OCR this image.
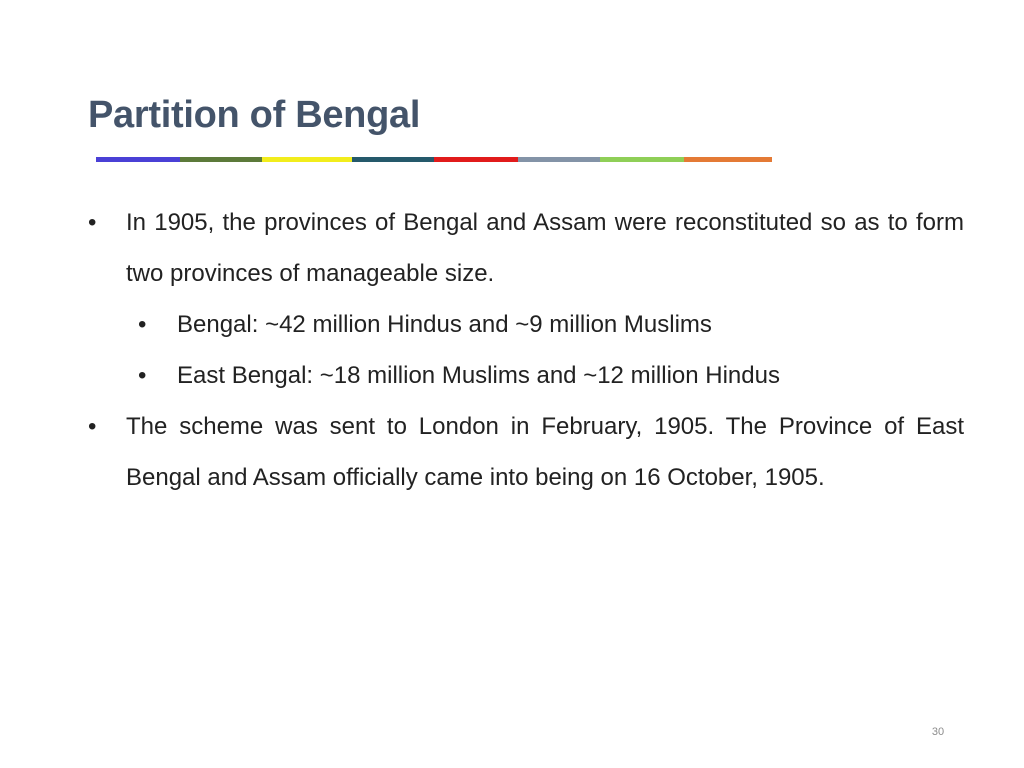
Partition of Bengal
•	In 1905, the provinces of Bengal and Assam were reconstituted so as to form two provinces of manageable size.
•	Bengal: ~42 million Hindus and ~9 million Muslims
•	East Bengal: ~18 million Muslims and ~12 million Hindus
•	The scheme was sent to London in February, 1905. The Province of East Bengal and Assam officially came into being on 16 October, 1905.
30
